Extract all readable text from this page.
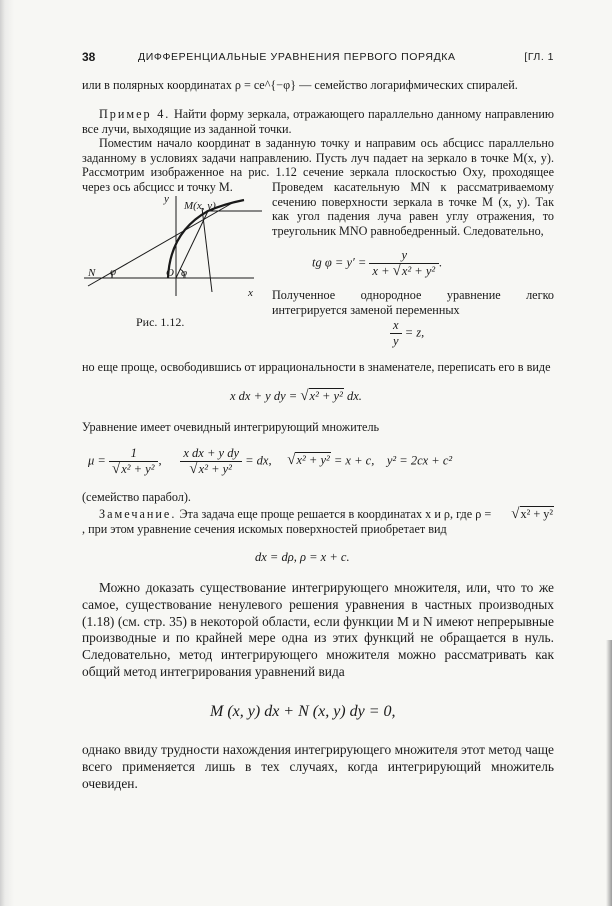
38	ДИФФЕРЕНЦИАЛЬНЫЕ УРАВНЕНИЯ ПЕРВОГО ПОРЯДКА	[ГЛ. 1

или в полярных координатах ρ = ce^{−φ} — семейство логарифмических спиралей.

Пример 4. Найти форму зеркала, отражающего параллельно данному направлению все лучи, выходящие из заданной точки.

Поместим начало координат в заданную точку и направим ось абсцисс параллельно заданному в условиях задачи направлению. Пусть луч падает на зеркало в точке M(x, y). Рассмотрим изображенное на рис. 1.12 сечение зеркала плоскостью Oxy, проходящее через ось абсцисс и точку M.

y
M(x, y)
N φ	O φ
x
Рис. 1.12.

Проведем касательную MN к рассматриваемому сечению поверхности зеркала в точке M (x, y). Так как угол падения луча равен углу отражения, то треугольник MNO равнобедренный. Следовательно,

tg $\varphi = y' = \frac{y}{\text{x + √x² + y²}}$ .

Полученное однородное уравнение легко интегрируется заменой переменных

$\frac{x}{y} = z$,

но еще проще, освободившись от иррациональности в знаменателе, переписать его в виде

x dx + y dy = √x² + y² dx.

Уравнение имеет очевидный интегрирующий множитель

$\mu = \frac{1}{\text{√x² + y²}}$ , $\frac{\text{x dx + y dy}}{\text{√x² + y²}}$ = dx, √x² + y² = x + c, y² = 2cx + c²

(семейство парабол).

Замечание. Эта задача еще проще решается в координатах x и ρ, где ρ = √x² + y², при этом уравнение сечения искомых поверхностей приобретает вид

dx = dρ, ρ = x + c.

Можно доказать существование интегрирующего множителя, или, что то же самое, существование ненулевого решения уравнения в частных производных (1.18) (см. стр. 35) в некоторой области, если функции M и N имеют непрерывные производные и по крайней мере одна из этих функций не обращается в нуль. Следовательно, метод интегрирующего множителя можно рассматривать как общий метод интегрирования уравнений вида

M (x, y) dx + N (x, y) dy = 0,

однако ввиду трудности нахождения интегрирующего множителя этот метод чаще всего применяется лишь в тех случаях, когда интегрирующий множитель очевиден.
